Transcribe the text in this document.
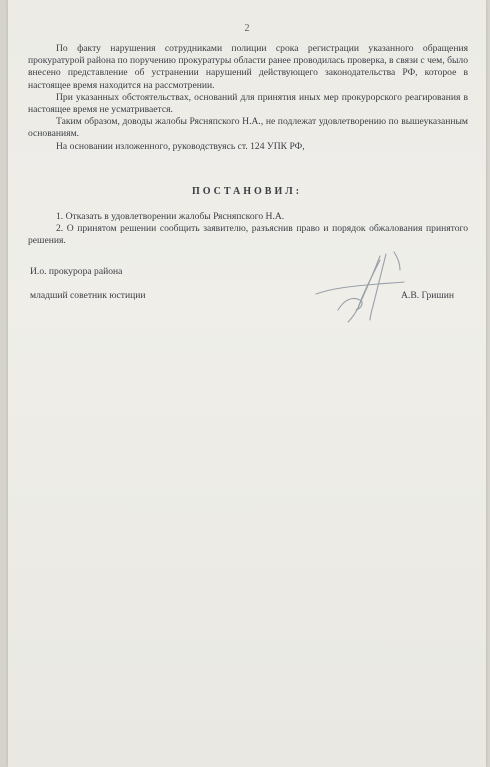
2

По факту нарушения сотрудниками полиции срока регистрации указанного обращения прокуратурой района по поручению прокуратуры области ранее проводилась проверка, в связи с чем, было внесено представление об устранении нарушений действующего законодательства РФ, которое в настоящее время находится на рассмотрении.

При указанных обстоятельствах, оснований для принятия иных мер прокурорского реагирования в настоящее время не усматривается.

Таким образом, доводы жалобы Рясняпского Н.А., не подлежат удовлетворению по вышеуказанным основаниям.

На основании изложенного, руководствуясь ст. 124 УПК РФ,

ПОСТАНОВИЛ:

1. Отказать в удовлетворении жалобы Рясняпского Н.А.

2. О принятом решении сообщить заявителю, разъяснив право и порядок обжалования принятого решения.

И.о. прокурора района
младший советник юстиции	А.В. Гришин
